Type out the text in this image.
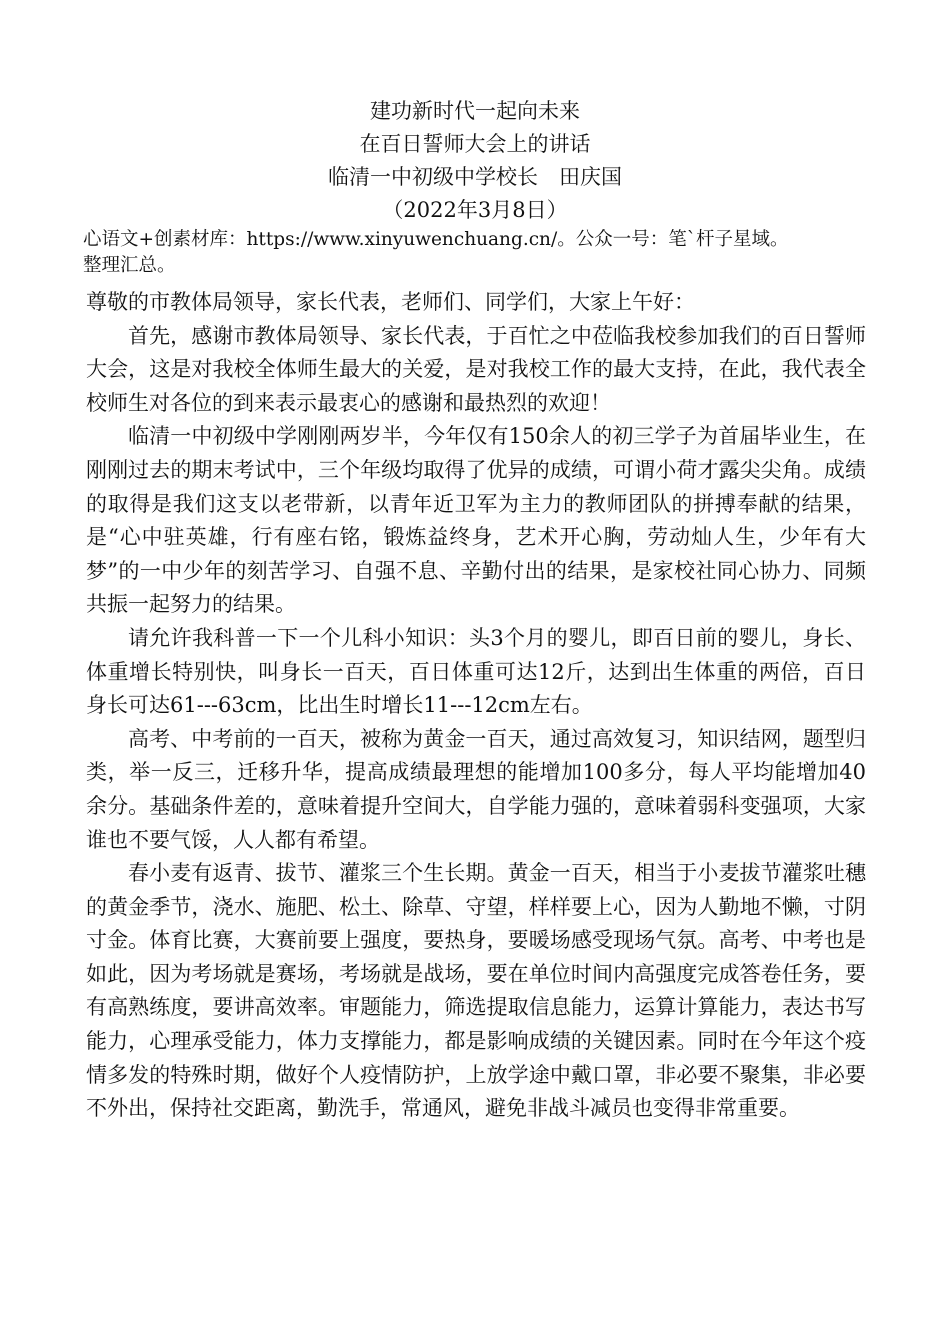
建功新时代一起向未来
在百日誓师大会上的讲话
临清一中初级中学校长　田庆国
（2022年3月8日）
心语文+创素材库：https://www.xinyuwenchuang.cn/。公众一号：笔`杆子星域。
整理汇总。

尊敬的市教体局领导，家长代表，老师们、同学们，大家上午好：

首先，感谢市教体局领导、家长代表，于百忙之中莅临我校参加我们的百日誓师大会，这是对我校全体师生最大的关爱，是对我校工作的最大支持，在此，我代表全校师生对各位的到来表示最衷心的感谢和最热烈的欢迎！

临清一中初级中学刚刚两岁半，今年仅有150余人的初三学子为首届毕业生，在刚刚过去的期末考试中，三个年级均取得了优异的成绩，可谓小荷才露尖尖角。成绩的取得是我们这支以老带新，以青年近卫军为主力的教师团队的拼搏奉献的结果，是“心中驻英雄，行有座右铭，锻炼益终身，艺术开心胸，劳动灿人生，少年有大梦”的一中少年的刻苦学习、自强不息、辛勤付出的结果，是家校社同心协力、同频共振一起努力的结果。

请允许我科普一下一个儿科小知识：头3个月的婴儿，即百日前的婴儿，身长、体重增长特别快，叫身长一百天，百日体重可达12斤，达到出生体重的两倍，百日身长可达61---63cm，比出生时增长11---12cm左右。

高考、中考前的一百天，被称为黄金一百天，通过高效复习，知识结网，题型归类，举一反三，迁移升华，提高成绩最理想的能增加100多分，每人平均能增加40余分。基础条件差的，意味着提升空间大，自学能力强的，意味着弱科变强项，大家谁也不要气馁，人人都有希望。

春小麦有返青、拔节、灌浆三个生长期。黄金一百天，相当于小麦拔节灌浆吐穗的黄金季节，浇水、施肥、松土、除草、守望，样样要上心，因为人勤地不懒，寸阴寸金。体育比赛，大赛前要上强度，要热身，要暖场感受现场气氛。高考、中考也是如此，因为考场就是赛场，考场就是战场，要在单位时间内高强度完成答卷任务，要有高熟练度，要讲高效率。审题能力，筛选提取信息能力，运算计算能力，表达书写能力，心理承受能力，体力支撑能力，都是影响成绩的关键因素。同时在今年这个疫情多发的特殊时期，做好个人疫情防护，上放学途中戴口罩，非必要不聚集，非必要不外出，保持社交距离，勤洗手，常通风，避免非战斗减员也变得非常重要。
